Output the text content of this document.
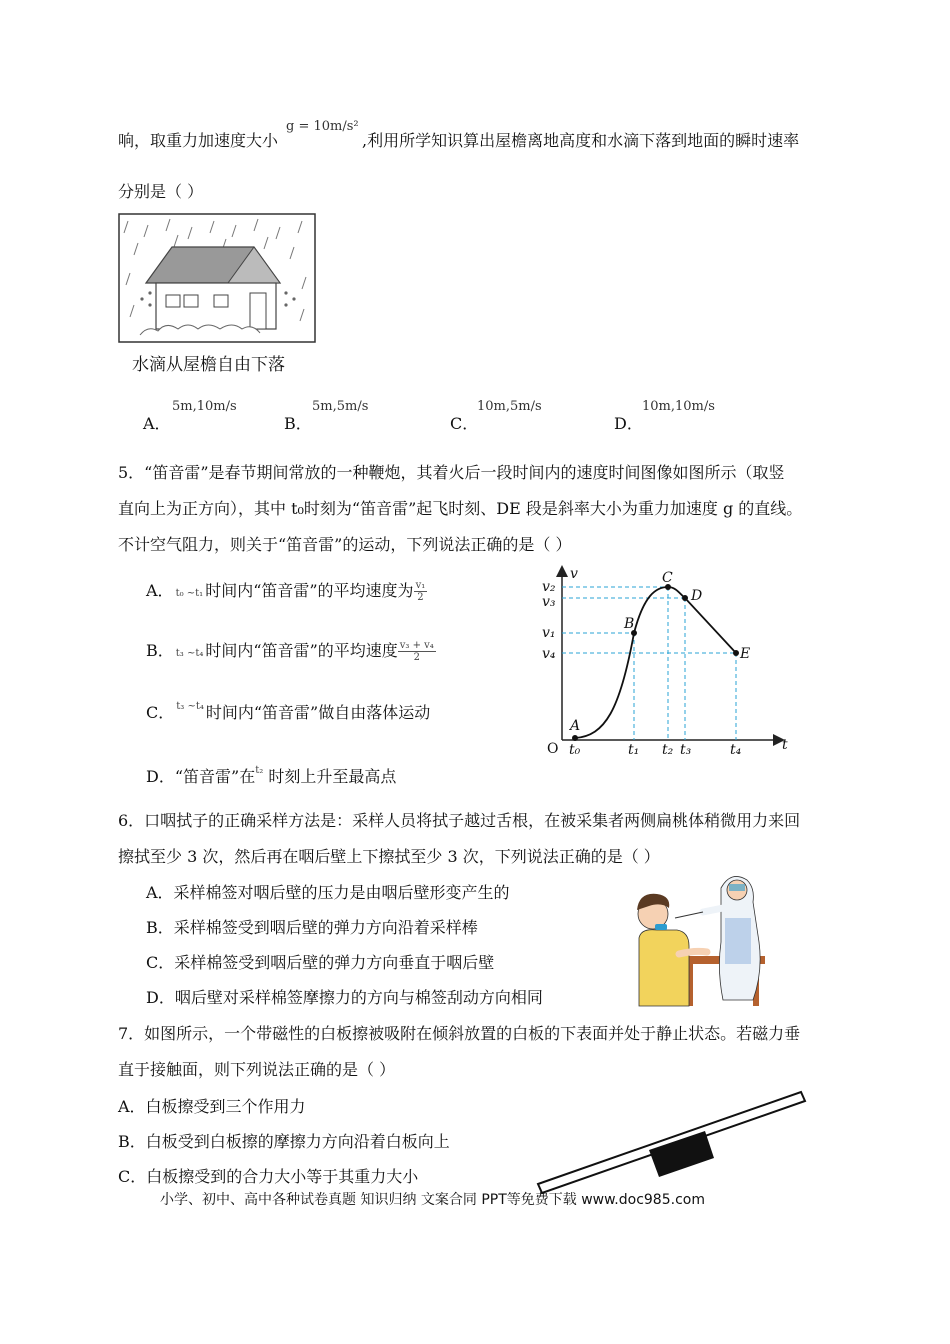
响，取重力加速度大小
g = 10m/s²
,利用所学知识算出屋檐离地高度和水滴下落到地面的瞬时速率
分别是（ ）
水滴从屋檐自由下落
A．
5m,10m/s
B．
5m,5m/s
C．
10m,5m/s
D．
10m,10m/s
5．“笛音雷”是春节期间常放的一种鞭炮，其着火后一段时间内的速度时间图像如图所示（取竖
直向上为正方向），其中 t₀时刻为“笛音雷”起飞时刻、DE 段是斜率大小为重力加速度 g 的直线。
不计空气阻力，则关于“笛音雷”的运动，下列说法正确的是（ ）
A． t₀ ~t₁ 时间内“笛音雷”的平均速度为 $\frac{\text{v₁}}{2}$
B． t₃ ~t₄ 时间内“笛音雷”的平均速度 $\frac{\text{v₃ + v₄}}{2}$
C． $^{t_3 \sim t_4}$ 时间内“笛音雷”做自由落体运动
D．“笛音雷”在$^{t_2}$ 时刻上升至最高点
v
t
O
v₂
v₃
v₁
v₄
t₀	t₁ t₂ t₃	t₄
A
B
C
D
E
6．口咽拭子的正确采样方法是：采样人员将拭子越过舌根，在被采集者两侧扁桃体稍微用力来回
擦拭至少 3 次，然后再在咽后壁上下擦拭至少 3 次，下列说法正确的是（ ）
A．采样棉签对咽后壁的压力是由咽后壁形变产生的
B．采样棉签受到咽后壁的弹力方向沿着采样棒
C．采样棉签受到咽后壁的弹力方向垂直于咽后壁
D．咽后壁对采样棉签摩擦力的方向与棉签刮动方向相同
7．如图所示，一个带磁性的白板擦被吸附在倾斜放置的白板的下表面并处于静止状态。若磁力垂
直于接触面，则下列说法正确的是（ ）
A．白板擦受到三个作用力
B．白板受到白板擦的摩擦力方向沿着白板向上
C．白板擦受到的合力大小等于其重力大小
小学、初中、高中各种试卷真题 知识归纳 文案合同 PPT等免费下载 www.doc985.com
